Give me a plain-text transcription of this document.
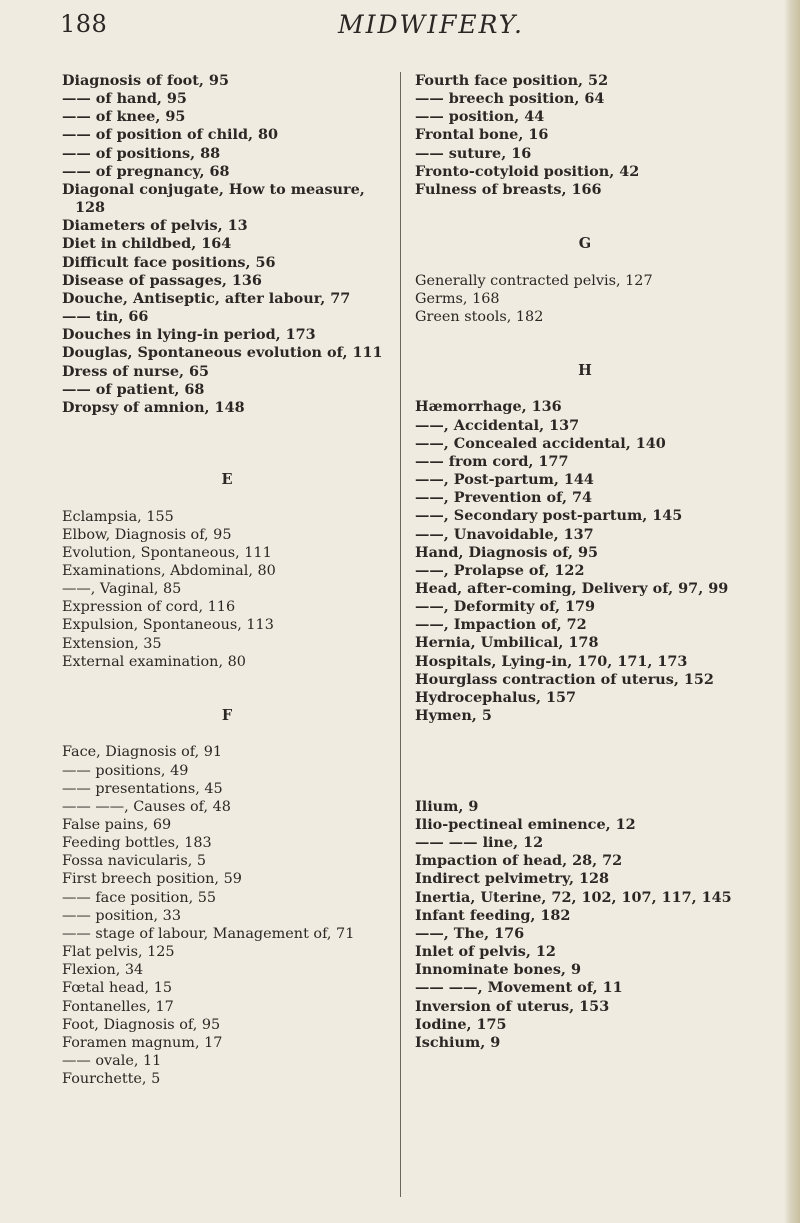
188	MIDWIFERY.
Diagnosis of foot, 95
—— of hand, 95
—— of knee, 95
—— of position of child, 80
—— of positions, 88
—— of pregnancy, 68
Diagonal conjugate, How to measure, 128
Diameters of pelvis, 13
Diet in childbed, 164
Difficult face positions, 56
Disease of passages, 136
Douche, Antiseptic, after labour, 77
—— tin, 66
Douches in lying-in period, 173
Douglas, Spontaneous evolution of, 111
Dress of nurse, 65
—— of patient, 68
Dropsy of amnion, 148
E
Eclampsia, 155
Elbow, Diagnosis of, 95
Evolution, Spontaneous, 111
Examinations, Abdominal, 80
——, Vaginal, 85
Expression of cord, 116
Expulsion, Spontaneous, 113
Extension, 35
External examination, 80
F
Face, Diagnosis of, 91
—— positions, 49
—— presentations, 45
—— ——, Causes of, 48
False pains, 69
Feeding bottles, 183
Fossa navicularis, 5
First breech position, 59
—— face position, 55
—— position, 33
—— stage of labour, Management of, 71
Flat pelvis, 125
Flexion, 34
Fœtal head, 15
Fontanelles, 17
Foot, Diagnosis of, 95
Foramen magnum, 17
—— ovale, 11
Fourchette, 5
Fourth face position, 52
—— breech position, 64
—— position, 44
Frontal bone, 16
—— suture, 16
Fronto-cotyloid position, 42
Fulness of breasts, 166
G
Generally contracted pelvis, 127
Germs, 168
Green stools, 182
H
Hæmorrhage, 136
——, Accidental, 137
——, Concealed accidental, 140
—— from cord, 177
——, Post-partum, 144
——, Prevention of, 74
——, Secondary post-partum, 145
——, Unavoidable, 137
Hand, Diagnosis of, 95
——, Prolapse of, 122
Head, after-coming, Delivery of, 97, 99
——, Deformity of, 179
——, Impaction of, 72
Hernia, Umbilical, 178
Hospitals, Lying-in, 170, 171, 173
Hourglass contraction of uterus, 152
Hydrocephalus, 157
Hymen, 5
Ilium, 9
Ilio-pectineal eminence, 12
—— —— line, 12
Impaction of head, 28, 72
Indirect pelvimetry, 128
Inertia, Uterine, 72, 102, 107, 117, 145
Infant feeding, 182
——, The, 176
Inlet of pelvis, 12
Innominate bones, 9
—— ——, Movement of, 11
Inversion of uterus, 153
Iodine, 175
Ischium, 9
